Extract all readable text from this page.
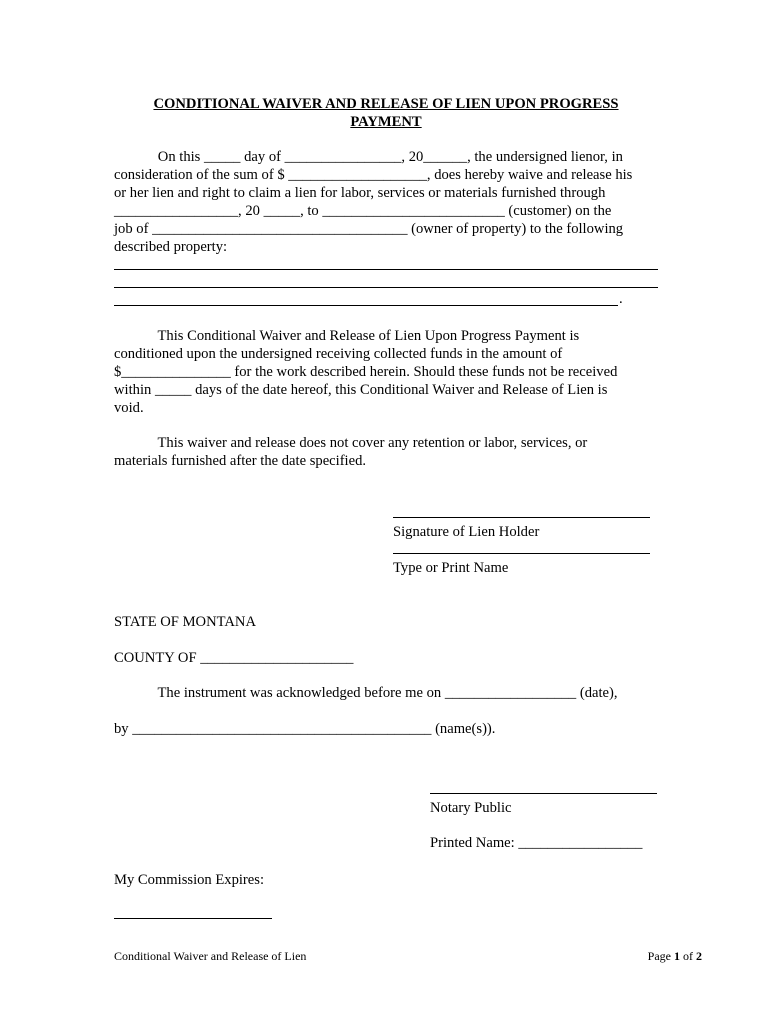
CONDITIONAL WAIVER AND RELEASE OF LIEN UPON PROGRESS
PAYMENT
On this _____ day of ________________, 20______, the undersigned lienor, in
consideration of the sum of $ ___________________, does hereby waive and release his
or her lien and right to claim a lien for labor, services or materials furnished through
_________________, 20 _____, to _________________________ (customer) on the
job of ___________________________________ (owner of property) to the following
described property:
.
This Conditional Waiver and Release of Lien Upon Progress Payment is
conditioned upon the undersigned receiving collected funds in the amount of
$_______________ for the work described herein. Should these funds not be received
within _____ days of the date hereof, this Conditional Waiver and Release of Lien is
void.
This waiver and release does not cover any retention or labor, services, or
materials furnished after the date specified.
Signature of Lien Holder
Type or Print Name
STATE OF MONTANA
COUNTY OF _____________________
The instrument was acknowledged before me on __________________ (date),
by _________________________________________ (name(s)).
Notary Public
Printed Name: _________________
My Commission Expires:
Conditional Waiver and Release of Lien	Page 1 of 2
